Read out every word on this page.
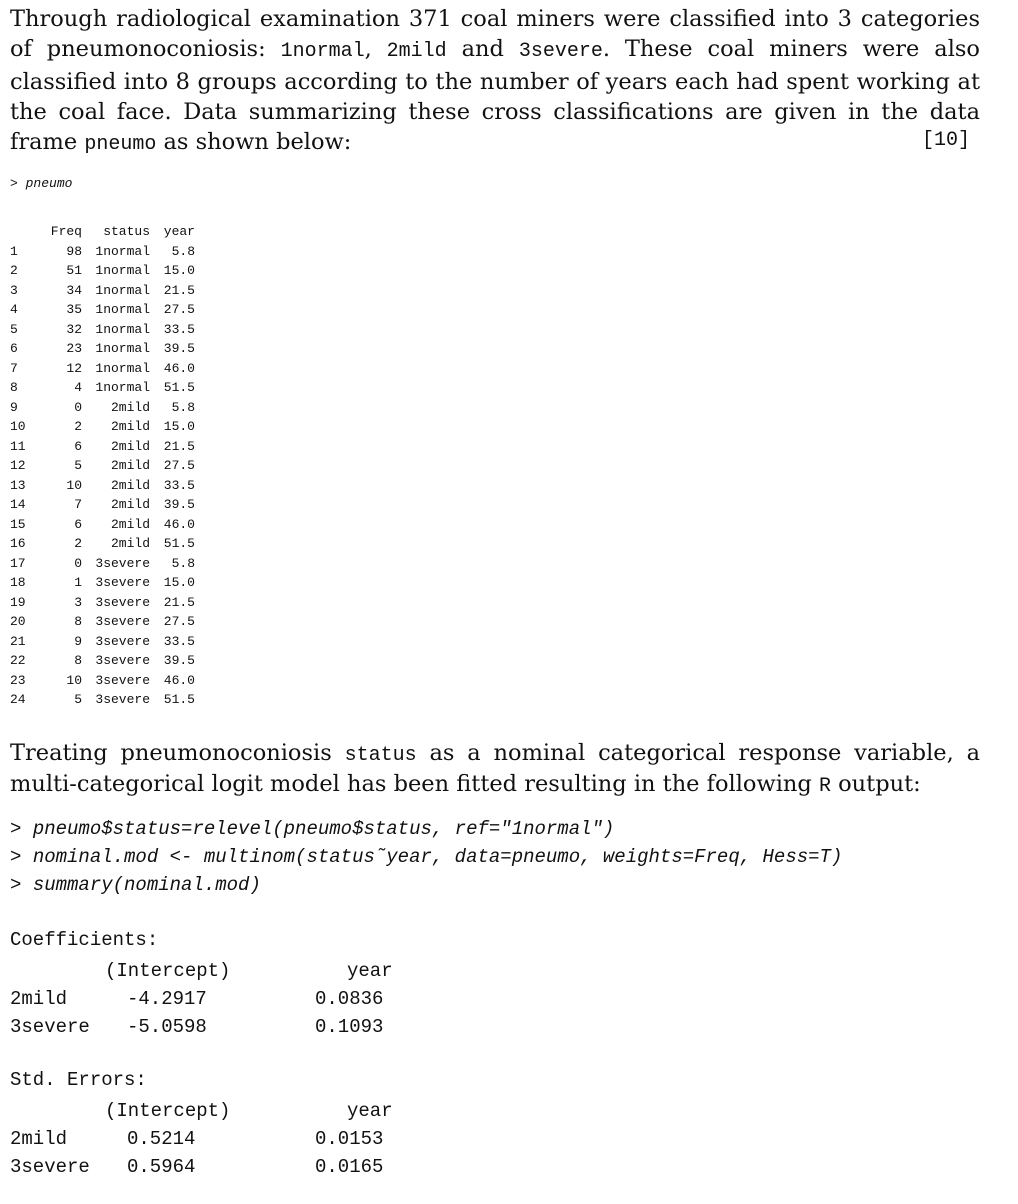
Through radiological examination 371 coal miners were classified into 3 categories of pneumonoconiosis: 1normal, 2mild and 3severe. These coal miners were also classified into 8 groups according to the number of years each had spent working at the coal face. Data summarizing these cross classifications are given in the data frame pneumo as shown below:	[10]
> pneumo
	Freq	status	year
1	98	1normal	5.8
2	51	1normal	15.0
3	34	1normal	21.5
4	35	1normal	27.5
5	32	1normal	33.5
6	23	1normal	39.5
7	12	1normal	46.0
8	4	1normal	51.5
9	0	2mild	5.8
10	2	2mild	15.0
11	6	2mild	21.5
12	5	2mild	27.5
13	10	2mild	33.5
14	7	2mild	39.5
15	6	2mild	46.0
16	2	2mild	51.5
17	0	3severe	5.8
18	1	3severe	15.0
19	3	3severe	21.5
20	8	3severe	27.5
21	9	3severe	33.5
22	8	3severe	39.5
23	10	3severe	46.0
24	5	3severe	51.5

Treating pneumonoconiosis status as a nominal categorical response variable, a multi-categorical logit model has been fitted resulting in the following R output:

> pneumo$status=relevel(pneumo$status, ref="1normal")
> nominal.mod <- multinom(status˜year, data=pneumo, weights=Freq, Hess=T)
> summary(nominal.mod)
Coefficients:
	(Intercept)	year
2mild	-4.2917	0.0836
3severe	-5.0598	0.1093
Std. Errors:
	(Intercept)	year
2mild	0.5214	0.0153
3severe	0.5964	0.0165
